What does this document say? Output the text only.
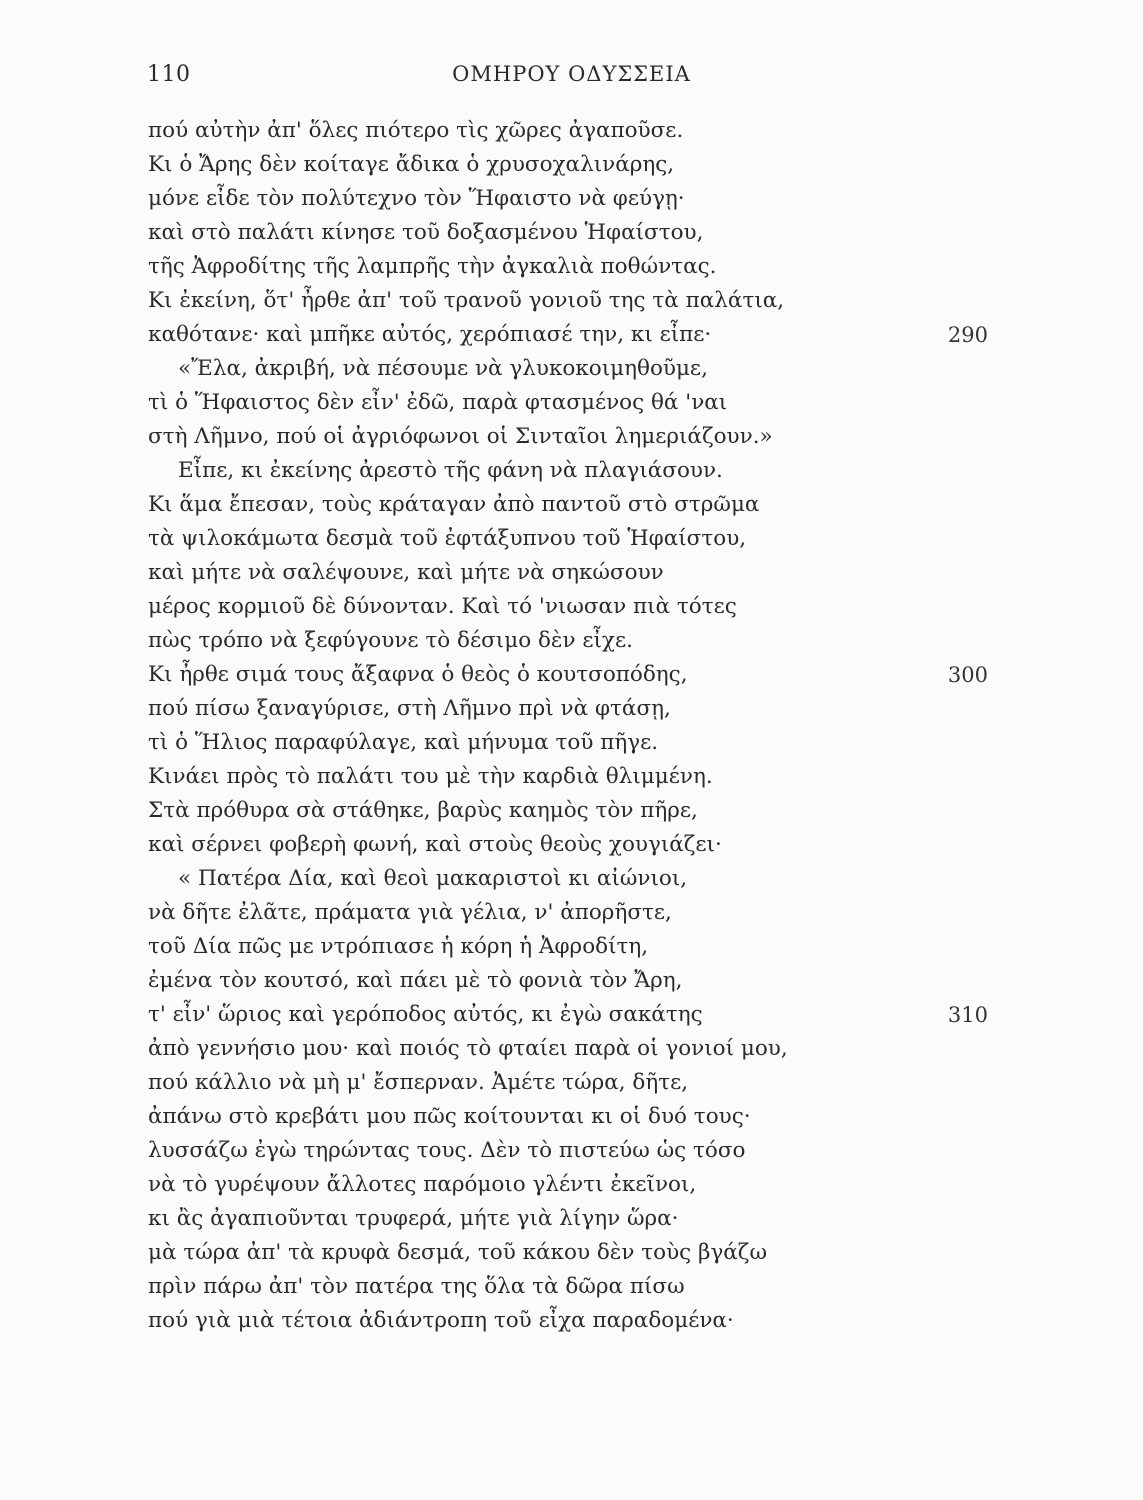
110	ΟΜΗΡΟΥ ΟΔΥΣΣΕΙΑ
πού αὐτὴν ἀπ' ὅλες πιότερο τὶς χῶρες ἀγαποῦσε.
Κι ὁ Ἄρης δὲν κοίταγε ἄδικα ὁ χρυσοχαλινάρης,
μόνε εἶδε τὸν πολύτεχνο τὸν Ἥφαιστο νὰ φεύγῃ·
καὶ στὸ παλάτι κίνησε τοῦ δοξασμένου Ἡφαίστου,
τῆς Ἀφροδίτης τῆς λαμπρῆς τὴν ἀγκαλιὰ ποθώντας.
Κι ἐκείνη, ὅτ' ἦρθε ἀπ' τοῦ τρανοῦ γονιοῦ της τὰ παλάτια,
καθότανε· καὶ μπῆκε αὐτός, χερόπιασέ την, κι εἶπε·	290
«Ἔλα, ἀκριβή, νὰ πέσουμε νὰ γλυκοκοιμηθοῦμε,
τὶ ὁ Ἥφαιστος δὲν εἶν' ἐδῶ, παρὰ φτασμένος θά 'ναι
στὴ Λῆμνο, πού οἱ ἀγριόφωνοι οἱ Σινταῖοι λημεριάζουν.»
Εἶπε, κι ἐκείνης ἀρεστὸ τῆς φάνη νὰ πλαγιάσουν.
Κι ἅμα ἔπεσαν, τοὺς κράταγαν ἀπὸ παντοῦ στὸ στρῶμα
τὰ ψιλοκάμωτα δεσμὰ τοῦ ἐφτάξυπνου τοῦ Ἡφαίστου,
καὶ μήτε νὰ σαλέψουνε, καὶ μήτε νὰ σηκώσουν
μέρος κορμιοῦ δὲ δύνονταν. Καὶ τό 'νιωσαν πιὰ τότες
πὼς τρόπο νὰ ξεφύγουνε τὸ δέσιμο δὲν εἶχε.
Κι ἦρθε σιμά τους ἄξαφνα ὁ θεὸς ὁ κουτσοπόδης,	300
πού πίσω ξαναγύρισε, στὴ Λῆμνο πρὶ νὰ φτάσῃ,
τὶ ὁ Ἥλιος παραφύλαγε, καὶ μήνυμα τοῦ πῆγε.
Κινάει πρὸς τὸ παλάτι του μὲ τὴν καρδιὰ θλιμμένη.
Στὰ πρόθυρα σὰ στάθηκε, βαρὺς καημὸς τὸν πῆρε,
καὶ σέρνει φοβερὴ φωνή, καὶ στοὺς θεοὺς χουγιάζει·
« Πατέρα Δία, καὶ θεοὶ μακαριστοὶ κι αἰώνιοι,
νὰ δῆτε ἐλᾶτε, πράματα γιὰ γέλια, ν' ἀπορῆστε,
τοῦ Δία πῶς με ντρόπιασε ἡ κόρη ἡ Ἀφροδίτη,
ἐμένα τὸν κουτσό, καὶ πάει μὲ τὸ φονιὰ τὸν Ἄρη,
τ' εἶν' ὥριος καὶ γερόποδος αὐτός, κι ἐγὼ σακάτης	310
ἀπὸ γεννήσιο μου· καὶ ποιός τὸ φταίει παρὰ οἱ γονιοί μου,
πού κάλλιο νὰ μὴ μ' ἔσπερναν. Ἀμέτε τώρα, δῆτε,
ἀπάνω στὸ κρεβάτι μου πῶς κοίτουνται κι οἱ δυό τους·
λυσσάζω ἐγὼ τηρώντας τους. Δὲν τὸ πιστεύω ὡς τόσο
νὰ τὸ γυρέψουν ἄλλοτες παρόμοιο γλέντι ἐκεῖνοι,
κι ἂς ἀγαπιοῦνται τρυφερά, μήτε γιὰ λίγην ὥρα·
μὰ τώρα ἀπ' τὰ κρυφὰ δεσμά, τοῦ κάκου δὲν τοὺς βγάζω
πρὶν πάρω ἀπ' τὸν πατέρα της ὅλα τὰ δῶρα πίσω
πού γιὰ μιὰ τέτοια ἀδιάντροπη τοῦ εἶχα παραδομένα·
